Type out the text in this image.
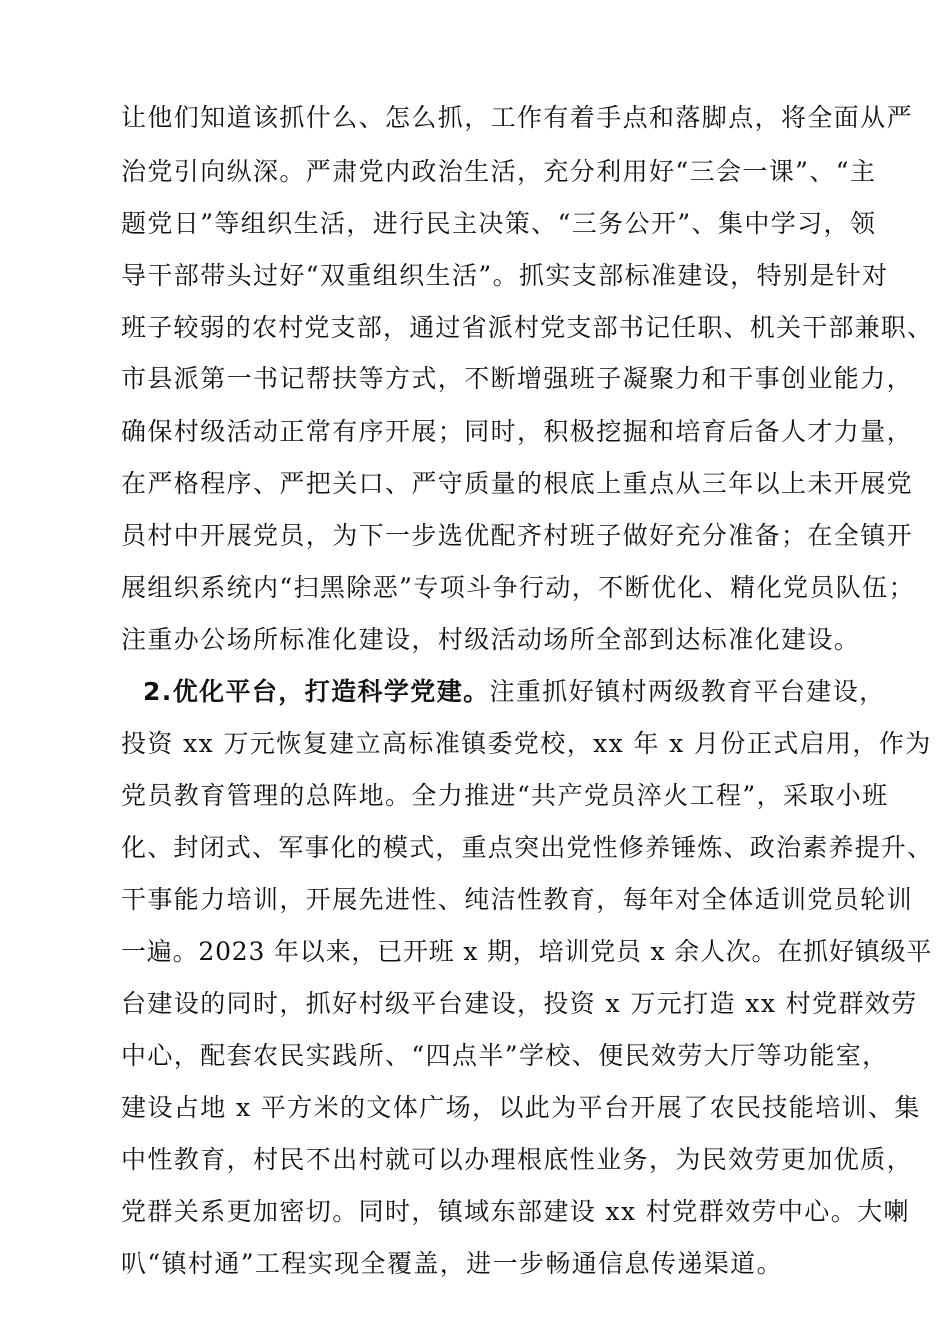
让他们知道该抓什么、怎么抓，工作有着手点和落脚点，将全面从严
治党引向纵深。严肃党内政治生活，充分利用好“三会一课”、“主
题党日”等组织生活，进行民主决策、“三务公开”、集中学习，领
导干部带头过好“双重组织生活”。抓实支部标准建设，特别是针对
班子较弱的农村党支部，通过省派村党支部书记任职、机关干部兼职、
市县派第一书记帮扶等方式，不断增强班子凝聚力和干事创业能力，
确保村级活动正常有序开展；同时，积极挖掘和培育后备人才力量，
在严格程序、严把关口、严守质量的根底上重点从三年以上未开展党
员村中开展党员，为下一步选优配齐村班子做好充分准备；在全镇开
展组织系统内“扫黑除恶”专项斗争行动，不断优化、精化党员队伍；
注重办公场所标准化建设，村级活动场所全部到达标准化建设。
2.优化平台，打造科学党建。注重抓好镇村两级教育平台建设，
投资 xx 万元恢复建立高标准镇委党校，xx 年 x 月份正式启用，作为
党员教育管理的总阵地。全力推进“共产党员淬火工程”，采取小班
化、封闭式、军事化的模式，重点突出党性修养锤炼、政治素养提升、
干事能力培训，开展先进性、纯洁性教育，每年对全体适训党员轮训
一遍。2023 年以来，已开班 x 期，培训党员 x 余人次。在抓好镇级平
台建设的同时，抓好村级平台建设，投资 x 万元打造 xx 村党群效劳
中心，配套农民实践所、“四点半”学校、便民效劳大厅等功能室，
建设占地 x 平方米的文体广场，以此为平台开展了农民技能培训、集
中性教育，村民不出村就可以办理根底性业务，为民效劳更加优质，
党群关系更加密切。同时，镇域东部建设 xx 村党群效劳中心。大喇
叭“镇村通”工程实现全覆盖，进一步畅通信息传递渠道。
